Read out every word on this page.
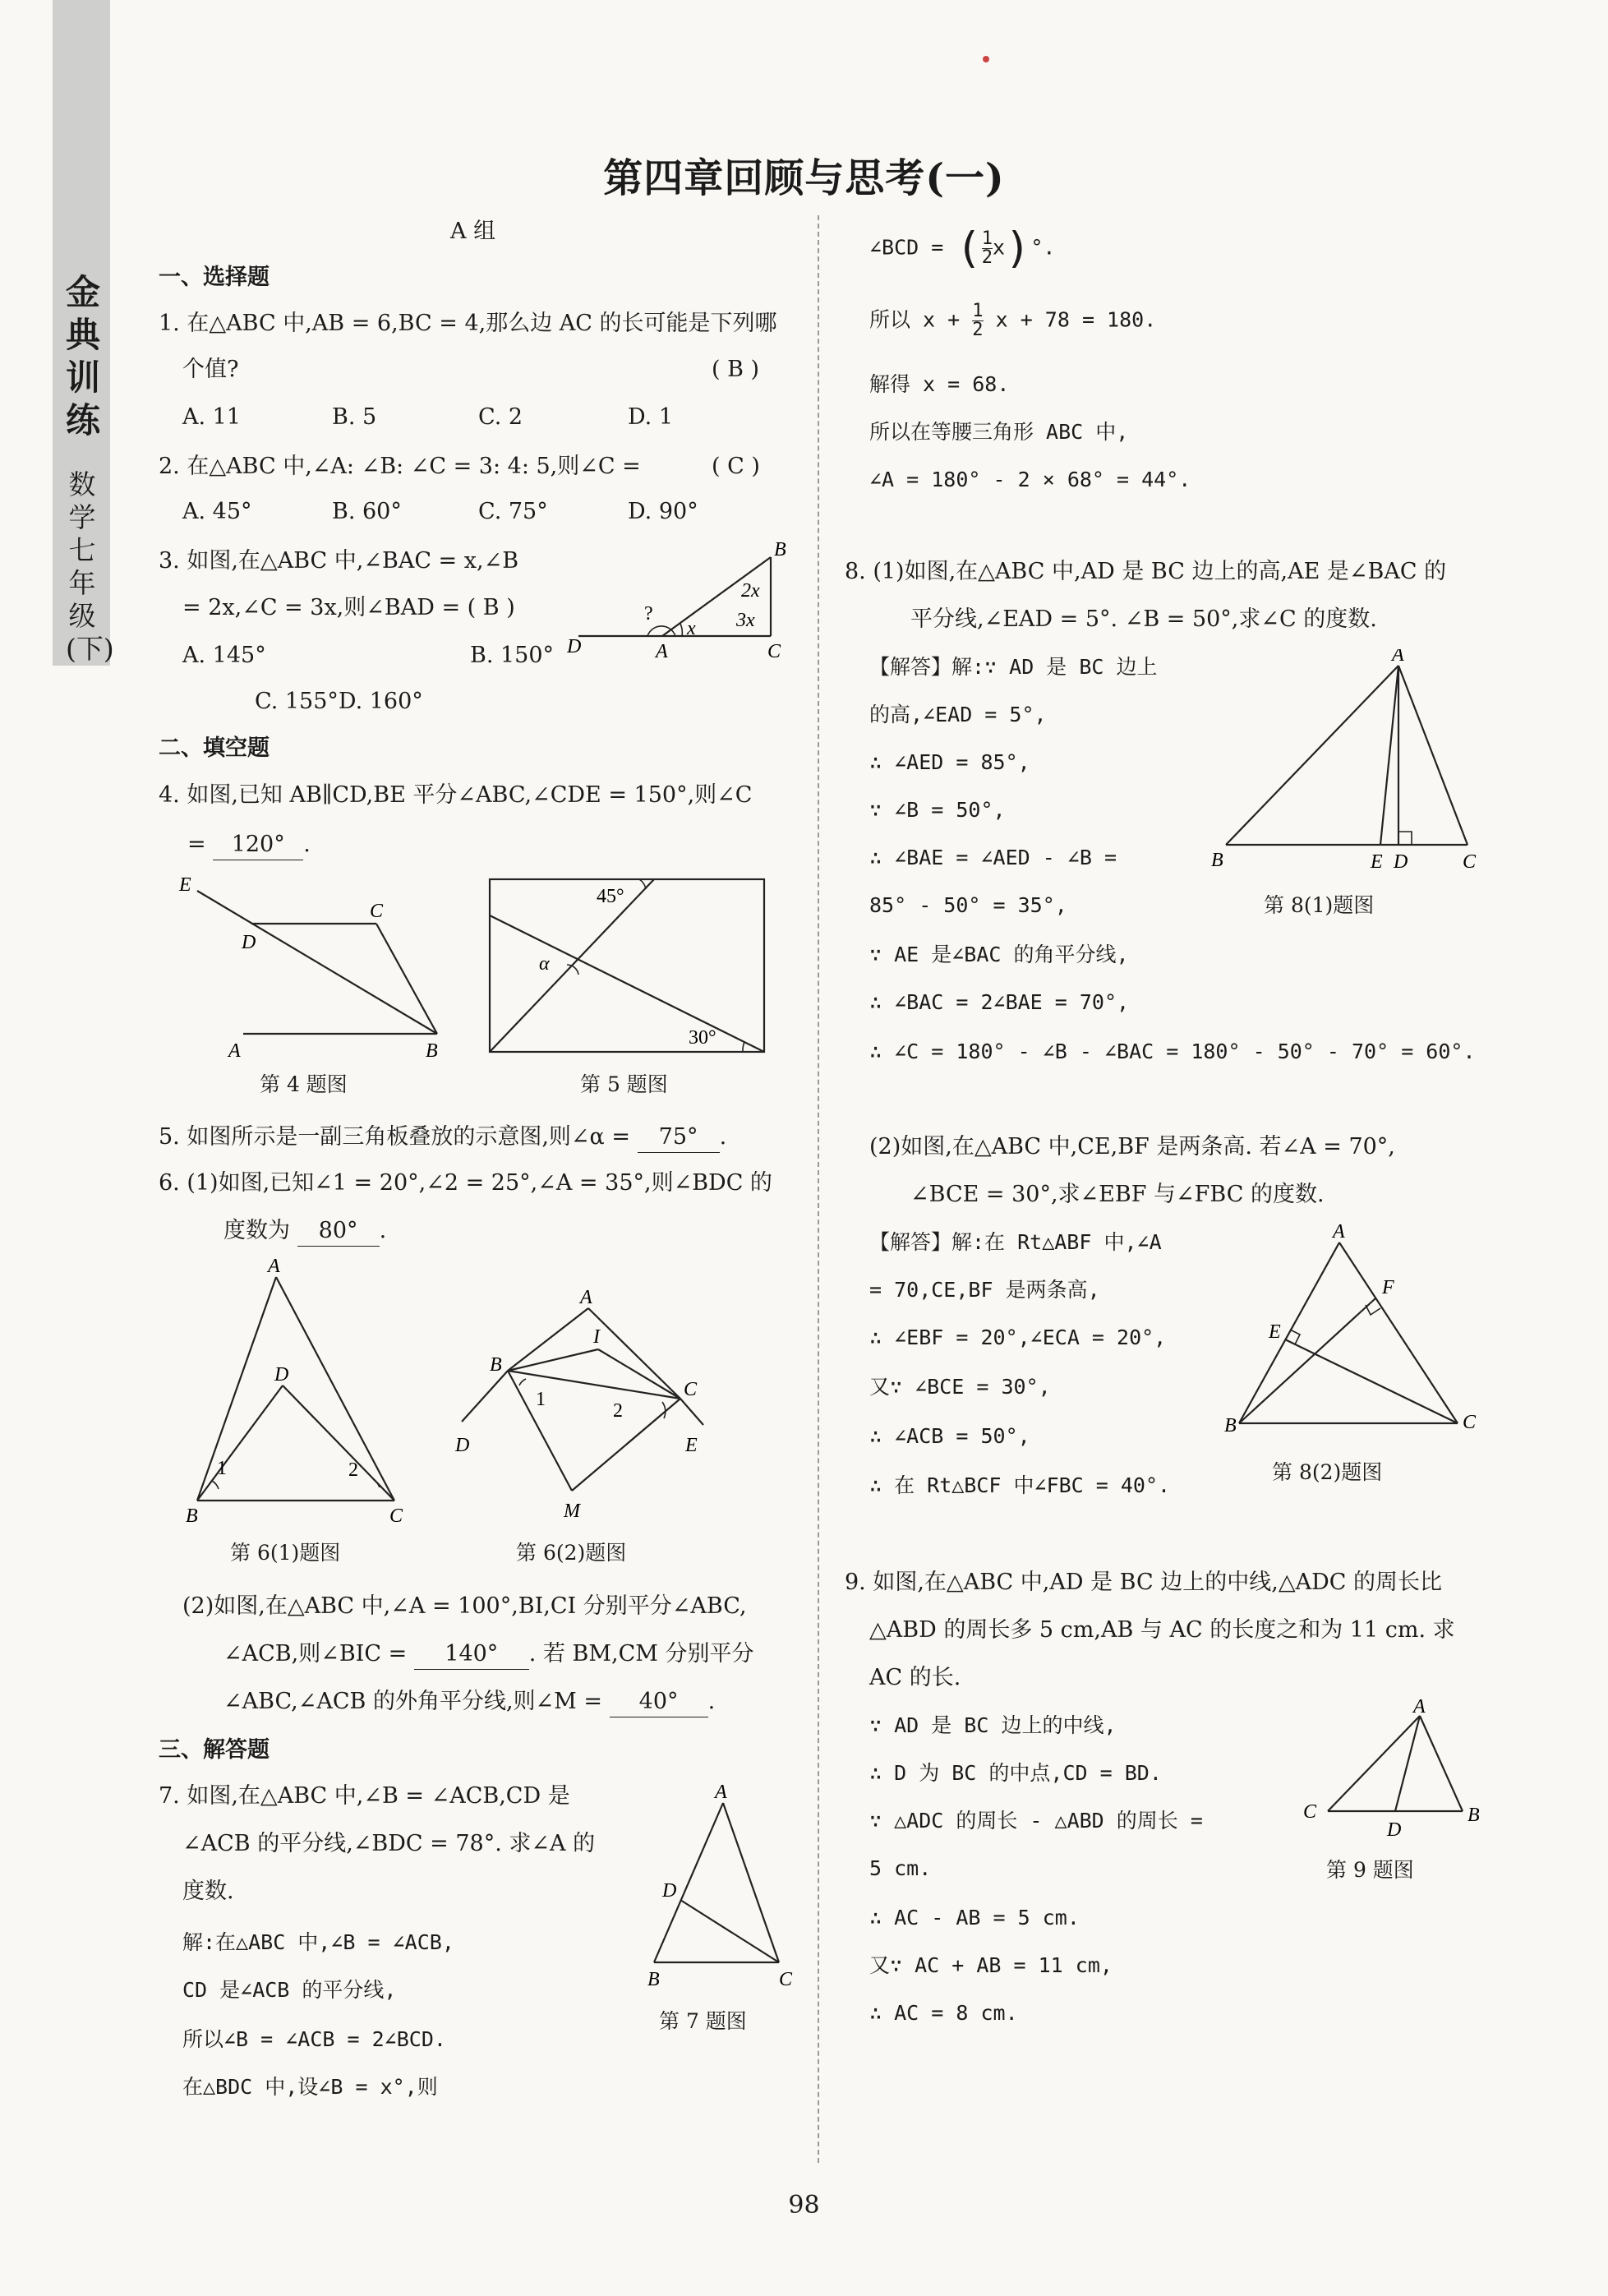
金典训练
数学 七年级(下)
第四章回顾与思考(一)
A 组
一、选择题
1. 在△ABC 中,AB = 6,BC = 4,那么边 AC 的长可能是下列哪
个值?	( B )
A. 11	B. 5	C. 2	D. 1
2. 在△ABC 中,∠A: ∠B: ∠C = 3: 4: 5,则∠C =	( C )
A. 45°	B. 60°	C. 75°	D. 90°
3. 如图,在△ABC 中,∠BAC = x,∠B
= 2x,∠C = 3x,则∠BAD = ( B )
A. 145°	B. 150°
C. 155°D. 160°
B
A	C
D
?
x
2x
3x
二、填空题
4. 如图,已知 AB∥CD,BE 平分∠ABC,∠CDE = 150°,则∠C
= 120° .
E
D
C
A	B
第 4 题图
45°
α
30°
第 5 题图
5. 如图所示是一副三角板叠放的示意图,则∠α = 75° .
6. (1)如图,已知∠1 = 20°,∠2 = 25°,∠A = 35°,则∠BDC 的
度数为 80° .
A
D
B	C
1	2
第 6(1)题图
A
B
I
C
D	E
M
1
2
第 6(2)题图
(2)如图,在△ABC 中,∠A = 100°,BI,CI 分别平分∠ABC,
∠ACB,则∠BIC = 140° . 若 BM,CM 分别平分
∠ABC,∠ACB 的外角平分线,则∠M = 40° .
三、解答题
7. 如图,在△ABC 中,∠B = ∠ACB,CD 是
∠ACB 的平分线,∠BDC = 78°. 求∠A 的
度数.
解:在△ABC 中,∠B = ∠ACB,
CD 是∠ACB 的平分线,
所以∠B = ∠ACB = 2∠BCD.
在△BDC 中,设∠B = x°,则
A
D
B	C
第 7 题图
∠BCD = ( $\frac{1}{2} x)^\circ$.
所以 $x + \frac{1}{2}$ x + 78 = 180.
解得 x = 68.
所以在等腰三角形 ABC 中,
∠A = 180° - 2 × 68° = 44°.
8. (1)如图,在△ABC 中,AD 是 BC 边上的高,AE 是∠BAC 的
平分线,∠EAD = 5°. ∠B = 50°,求∠C 的度数.
【解答】解:∵ AD 是 BC 边上
的高,∠EAD = 5°,
∴ ∠AED = 85°,
∵ ∠B = 50°,
∴ ∠BAE = ∠AED - ∠B =
85° - 50° = 35°,
∵ AE 是∠BAC 的角平分线,
∴ ∠BAC = 2∠BAE = 70°,
∴ ∠C = 180° - ∠B - ∠BAC = 180° - 50° - 70° = 60°.
A
B	E D	C
第 8(1)题图
(2)如图,在△ABC 中,CE,BF 是两条高. 若∠A = 70°,
∠BCE = 30°,求∠EBF 与∠FBC 的度数.
【解答】解:在 Rt△ABF 中,∠A
= 70,CE,BF 是两条高,
∴ ∠EBF = 20°,∠ECA = 20°,
又∵ ∠BCE = 30°,
∴ ∠ACB = 50°,
∴ 在 Rt△BCF 中∠FBC = 40°.
A
E
F
B	C
第 8(2)题图
9. 如图,在△ABC 中,AD 是 BC 边上的中线,△ADC 的周长比
△ABD 的周长多 5 cm,AB 与 AC 的长度之和为 11 cm. 求
AC 的长.
∵ AD 是 BC 边上的中线,
∴ D 为 BC 的中点,CD = BD.
∵ △ADC 的周长 - △ABD 的周长 =
5 cm.
∴ AC - AB = 5 cm.
又∵ AC + AB = 11 cm,
∴ AC = 8 cm.
A
C
D
B
第 9 题图
98
